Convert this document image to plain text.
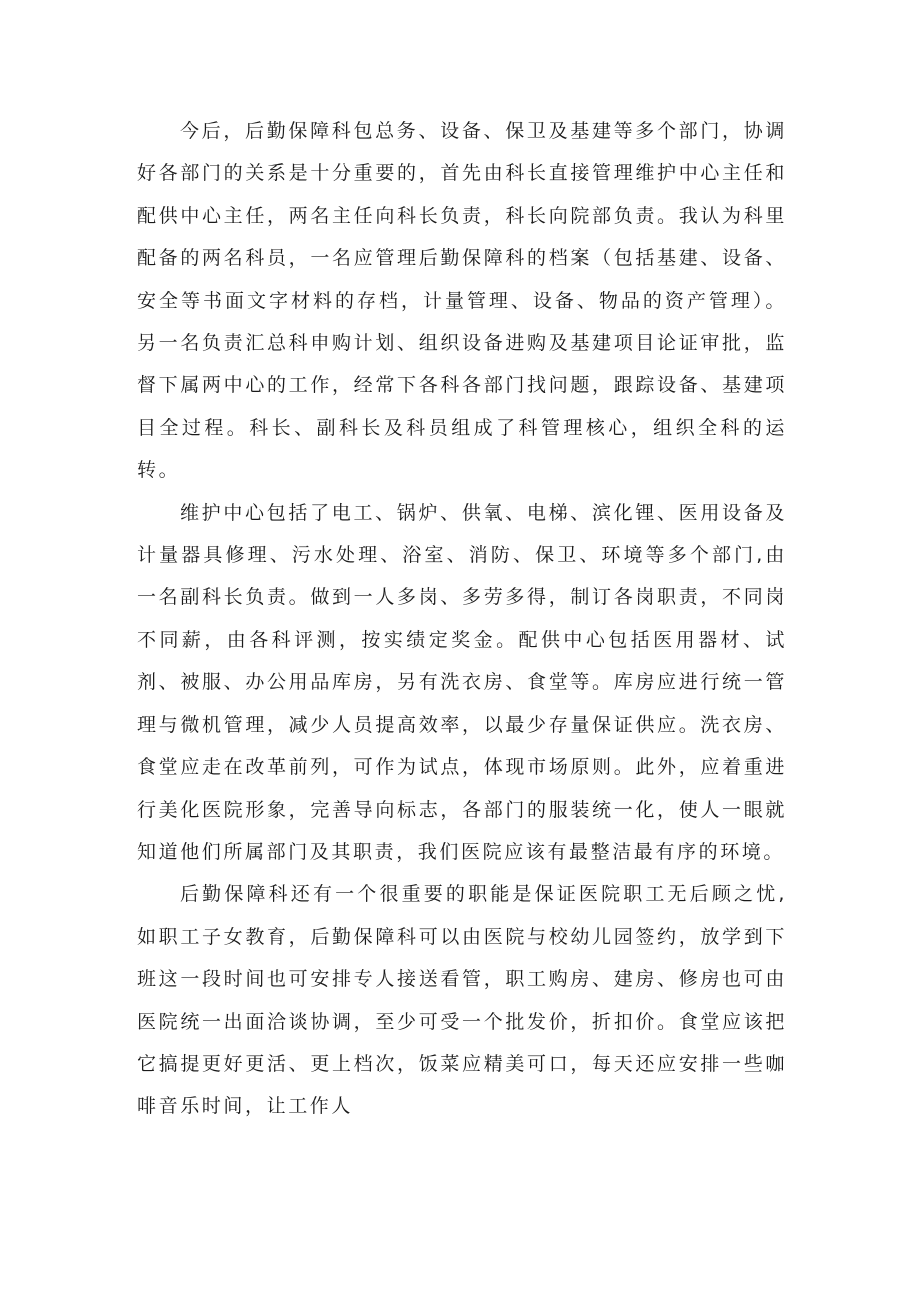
今后，后勤保障科包总务、设备、保卫及基建等多个部门，协调好各部门的关系是十分重要的，首先由科长直接管理维护中心主任和配供中心主任，两名主任向科长负责，科长向院部负责。我认为科里配备的两名科员，一名应管理后勤保障科的档案（包括基建、设备、安全等书面文字材料的存档，计量管理、设备、物品的资产管理）。另一名负责汇总科申购计划、组织设备进购及基建项目论证审批，监督下属两中心的工作，经常下各科各部门找问题，跟踪设备、基建项目全过程。科长、副科长及科员组成了科管理核心，组织全科的运转。

维护中心包括了电工、锅炉、供氧、电梯、滨化锂、医用设备及计量器具修理、污水处理、浴室、消防、保卫、环境等多个部门,由一名副科长负责。做到一人多岗、多劳多得，制订各岗职责，不同岗不同薪，由各科评测，按实绩定奖金。配供中心包括医用器材、试剂、被服、办公用品库房，另有洗衣房、食堂等。库房应进行统一管理与微机管理，减少人员提高效率，以最少存量保证供应。洗衣房、食堂应走在改革前列，可作为试点，体现市场原则。此外，应着重进行美化医院形象，完善导向标志，各部门的服装统一化，使人一眼就知道他们所属部门及其职责，我们医院应该有最整洁最有序的环境。

后勤保障科还有一个很重要的职能是保证医院职工无后顾之忧,如职工子女教育，后勤保障科可以由医院与校幼儿园签约，放学到下班这一段时间也可安排专人接送看管，职工购房、建房、修房也可由医院统一出面洽谈协调，至少可受一个批发价，折扣价。食堂应该把它搞提更好更活、更上档次，饭菜应精美可口，每天还应安排一些咖啡音乐时间，让工作人
